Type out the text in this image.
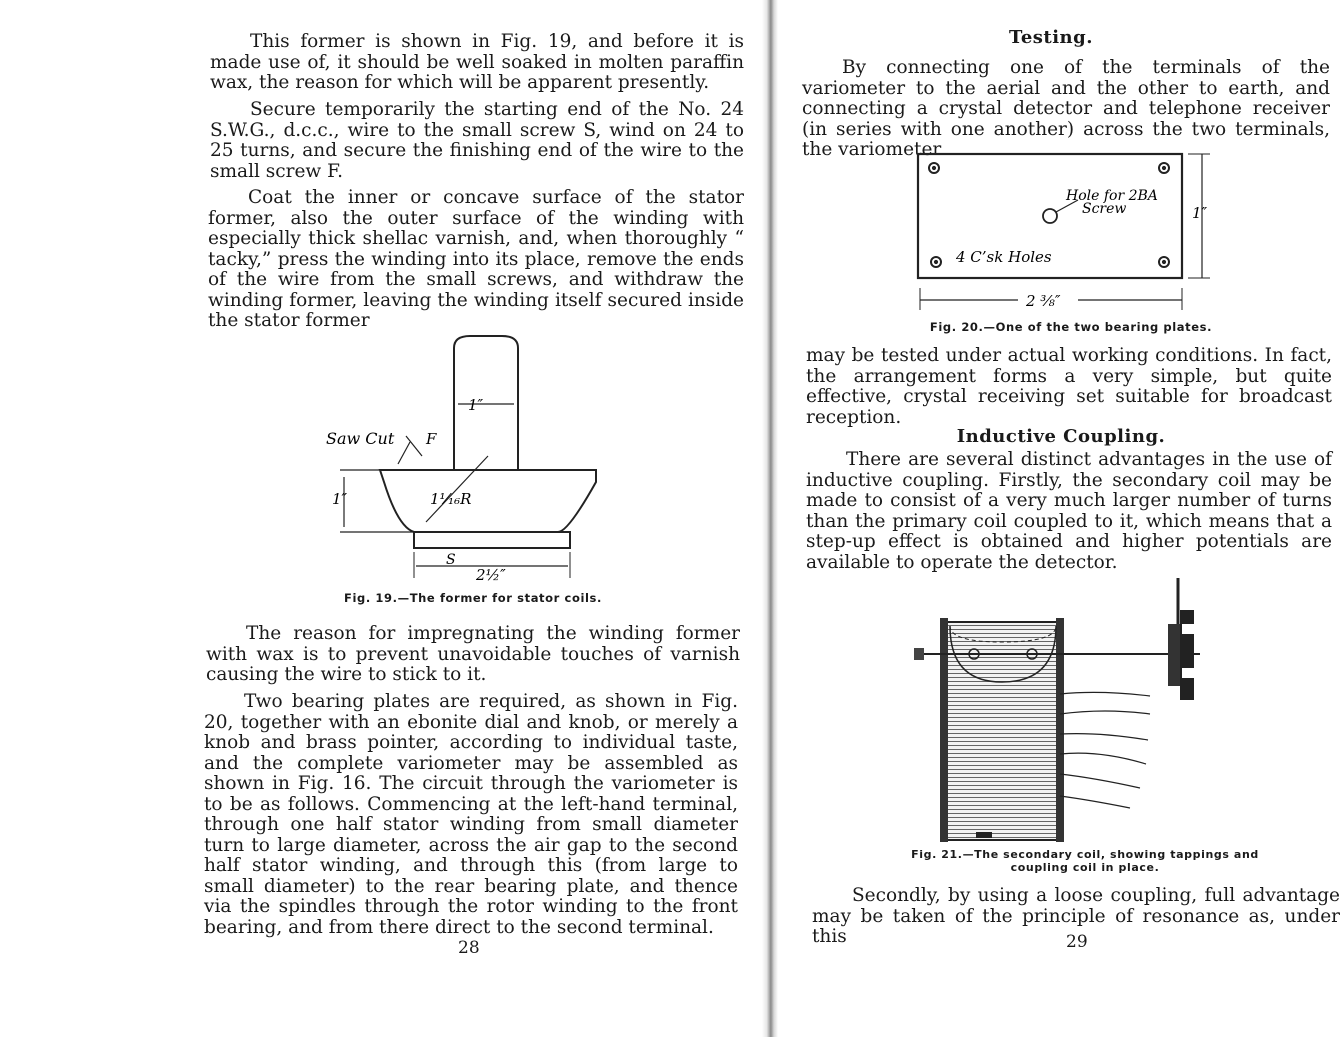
This former is shown in Fig. 19, and before it is made use of, it should be well soaked in molten paraffin wax, the reason for which will be apparent presently.

Secure temporarily the starting end of the No. 24 S.W.G., d.c.c., wire to the small screw S, wind on 24 to 25 turns, and secure the finishing end of the wire to the small screw F.

Coat the inner or concave surface of the stator former, also the outer surface of the winding with especially thick shellac varnish, and, when thoroughly “ tacky,” press the winding into its place, remove the ends of the wire from the small screws, and withdraw the winding former, leaving the winding itself secured inside the stator former

1″
Saw Cut F
1″	1¹⁄₁₆R
S
2½″
Fig. 19.—The former for stator coils.

The reason for impregnating the winding former with wax is to prevent unavoidable touches of varnish causing the wire to stick to it.

Two bearing plates are required, as shown in Fig. 20, together with an ebonite dial and knob, or merely a knob and brass pointer, according to individual taste, and the complete variometer may be assembled as shown in Fig. 16. The circuit through the variometer is to be as follows. Commencing at the left-hand terminal, through one half stator winding from small diameter turn to large diameter, across the air gap to the second half stator winding, and through this (from large to small diameter) to the rear bearing plate, and thence via the spindles through the rotor winding to the front bearing, and from there direct to the second terminal.

28
Testing.

By connecting one of the terminals of the variometer to the aerial and the other to earth, and connecting a crystal detector and telephone receiver (in series with one another) across the two terminals, the variometer

Hole for 2BA
Screw
4 C’sk Holes
1″
2 ⅜″
Fig. 20.—One of the two bearing plates.

may be tested under actual working conditions. In fact, the arrangement forms a very simple, but quite effective, crystal receiving set suitable for broadcast reception.

Inductive Coupling.

There are several distinct advantages in the use of inductive coupling. Firstly, the secondary coil may be made to consist of a very much larger number of turns than the primary coil coupled to it, which means that a step-up effect is obtained and higher potentials are available to operate the detector.

Fig. 21.—The secondary coil, showing tappings and coupling coil in place.

Secondly, by using a loose coupling, full advantage may be taken of the principle of resonance as, under this	29
